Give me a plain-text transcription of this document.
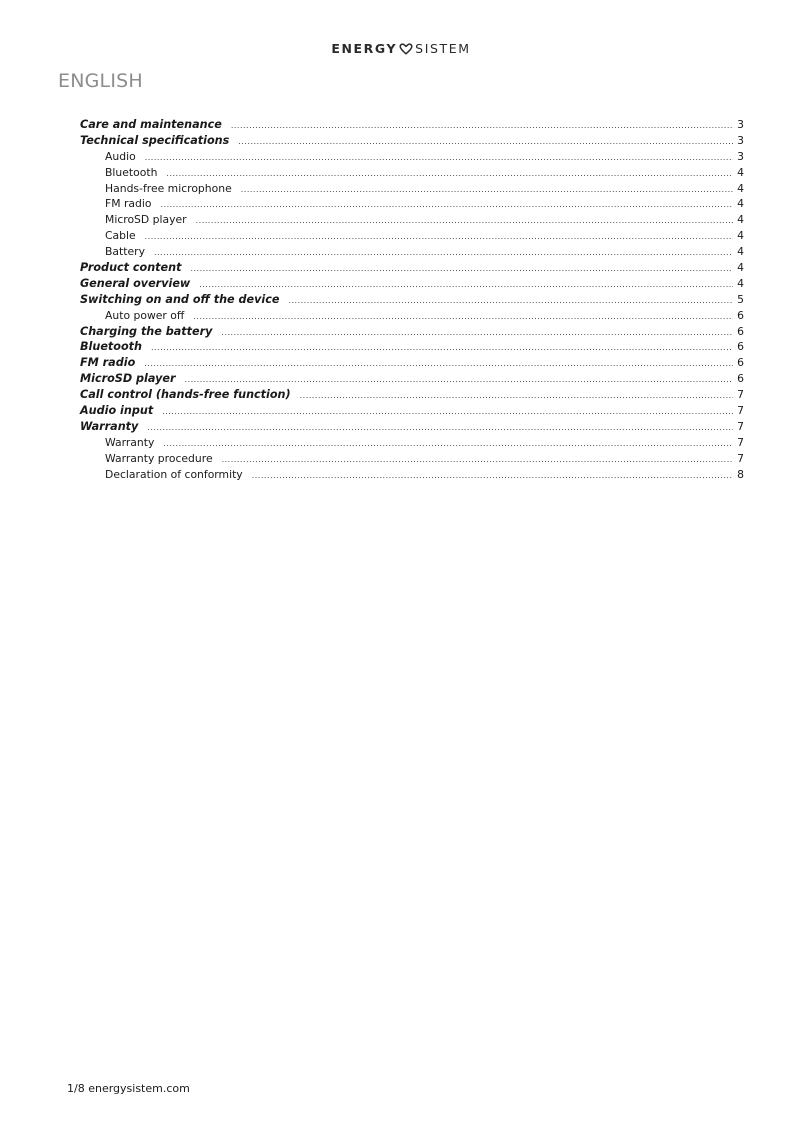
ENERGY SISTEM
ENGLISH
Care and maintenance .....	3
Technical specifications .....	3
Audio .....	3
Bluetooth .....	4
Hands-free microphone .....	4
FM radio .....	4
MicroSD player .....	4
Cable .....	4
Battery .....	4
Product content .....	4
General overview .....	4
Switching on and off the device .....	5
Auto power off .....	6
Charging the battery .....	6
Bluetooth .....	6
FM radio .....	6
MicroSD player .....	6
Call control (hands-free function) .....	7
Audio input .....	7
Warranty .....	7
Warranty .....	7
Warranty procedure .....	7
Declaration of conformity .....	8
1/8 energysistem.com
